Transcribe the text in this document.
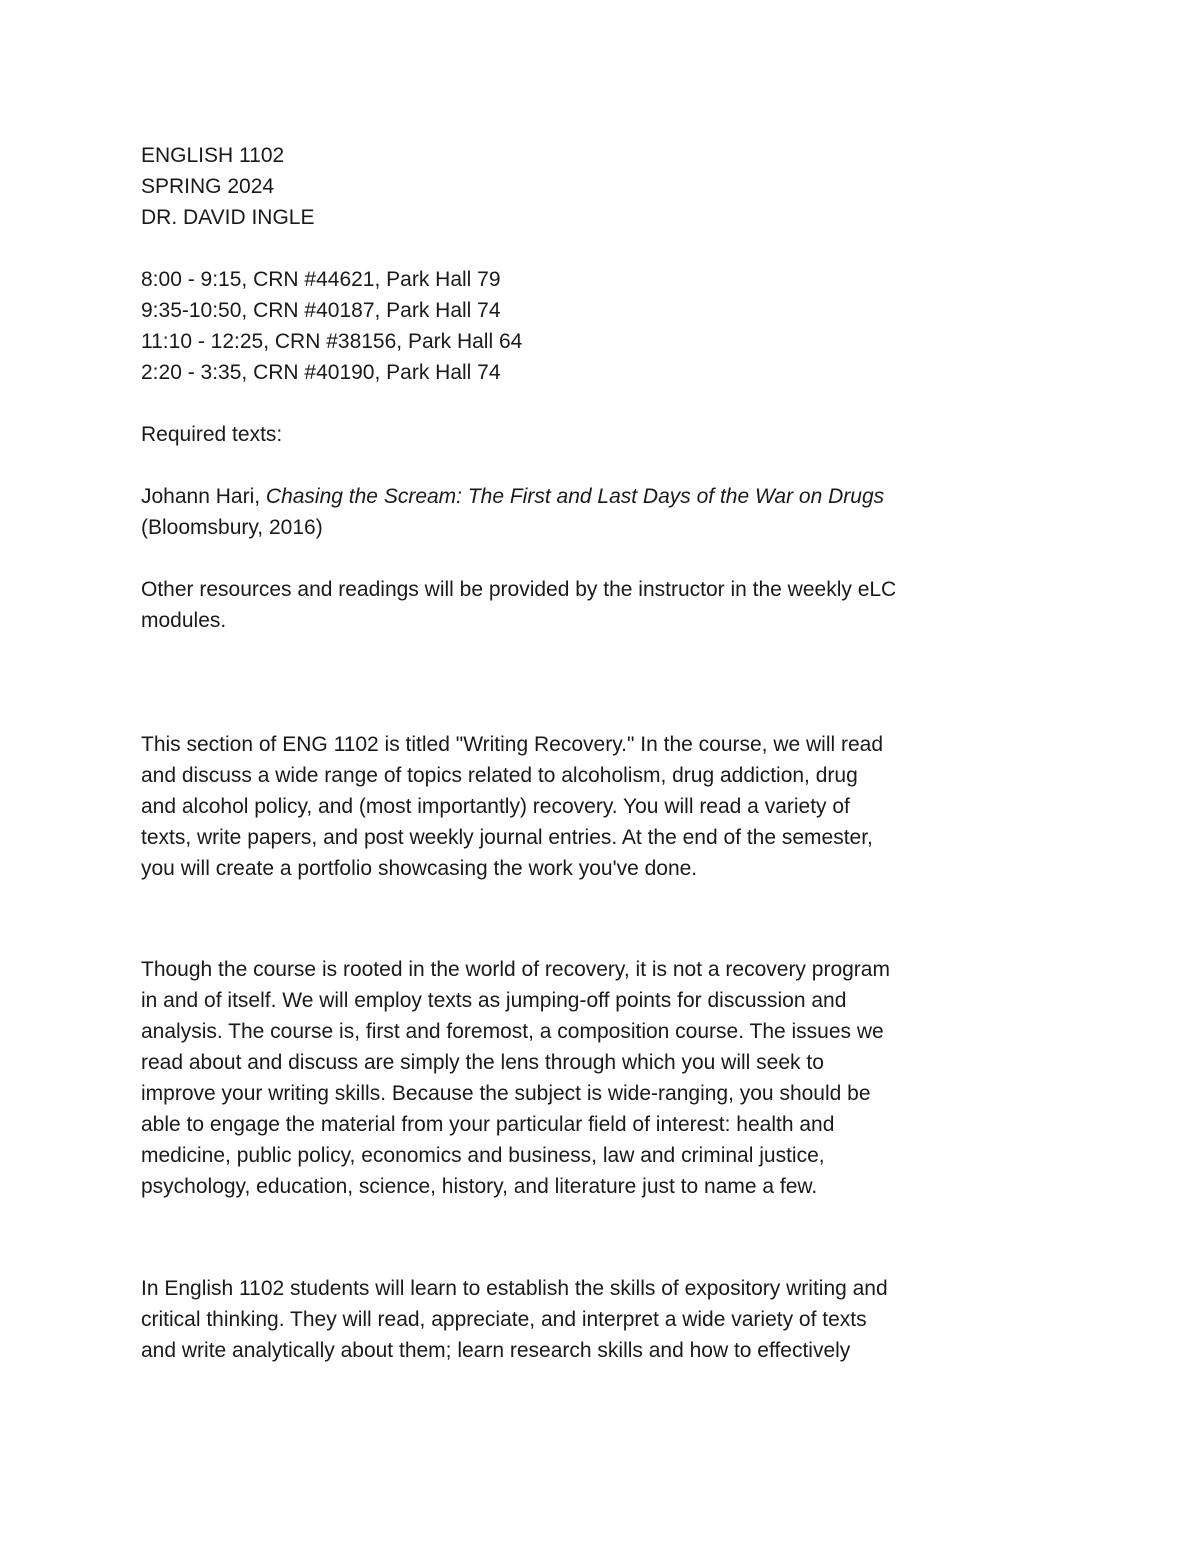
ENGLISH 1102
SPRING 2024
DR. DAVID INGLE
8:00 - 9:15, CRN #44621, Park Hall 79
9:35-10:50, CRN #40187, Park Hall 74
11:10 - 12:25, CRN #38156, Park Hall 64
2:20 - 3:35, CRN #40190, Park Hall 74
Required texts:
Johann Hari, Chasing the Scream: The First and Last Days of the War on Drugs
(Bloomsbury, 2016)
Other resources and readings will be provided by the instructor in the weekly eLC
modules.
This section of ENG 1102 is titled "Writing Recovery." In the course, we will read
and discuss a wide range of topics related to alcoholism, drug addiction, drug
and alcohol policy, and (most importantly) recovery. You will read a variety of
texts, write papers, and post weekly journal entries. At the end of the semester,
you will create a portfolio showcasing the work you've done.
Though the course is rooted in the world of recovery, it is not a recovery program
in and of itself. We will employ texts as jumping-off points for discussion and
analysis. The course is, first and foremost, a composition course. The issues we
read about and discuss are simply the lens through which you will seek to
improve your writing skills. Because the subject is wide-ranging, you should be
able to engage the material from your particular field of interest: health and
medicine, public policy, economics and business, law and criminal justice,
psychology, education, science, history, and literature just to name a few.
In English 1102 students will learn to establish the skills of expository writing and
critical thinking. They will read, appreciate, and interpret a wide variety of texts
and write analytically about them; learn research skills and how to effectively
